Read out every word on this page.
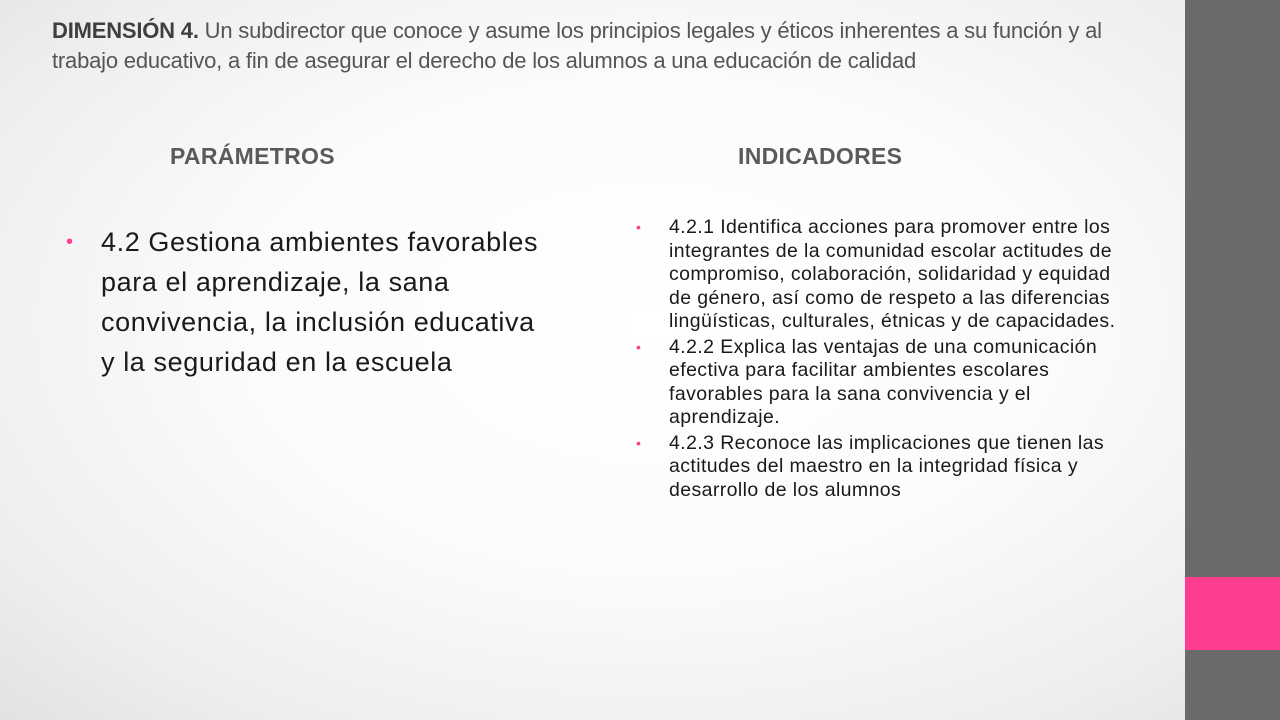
DIMENSIÓN 4. Un subdirector que conoce y asume los principios legales y éticos inherentes a su función y al trabajo educativo, a fin de asegurar el derecho de los alumnos a una educación de calidad
PARÁMETROS	INDICADORES
• 4.2 Gestiona ambientes favorables para el aprendizaje, la sana convivencia, la inclusión educativa y la seguridad en la escuela
• 4.2.1 Identifica acciones para promover entre los integrantes de la comunidad escolar actitudes de compromiso, colaboración, solidaridad y equidad de género, así como de respeto a las diferencias lingüísticas, culturales, étnicas y de capacidades.
• 4.2.2 Explica las ventajas de una comunicación efectiva para facilitar ambientes escolares favorables para la sana convivencia y el aprendizaje.
• 4.2.3 Reconoce las implicaciones que tienen las actitudes del maestro en la integridad física y desarrollo de los alumnos
